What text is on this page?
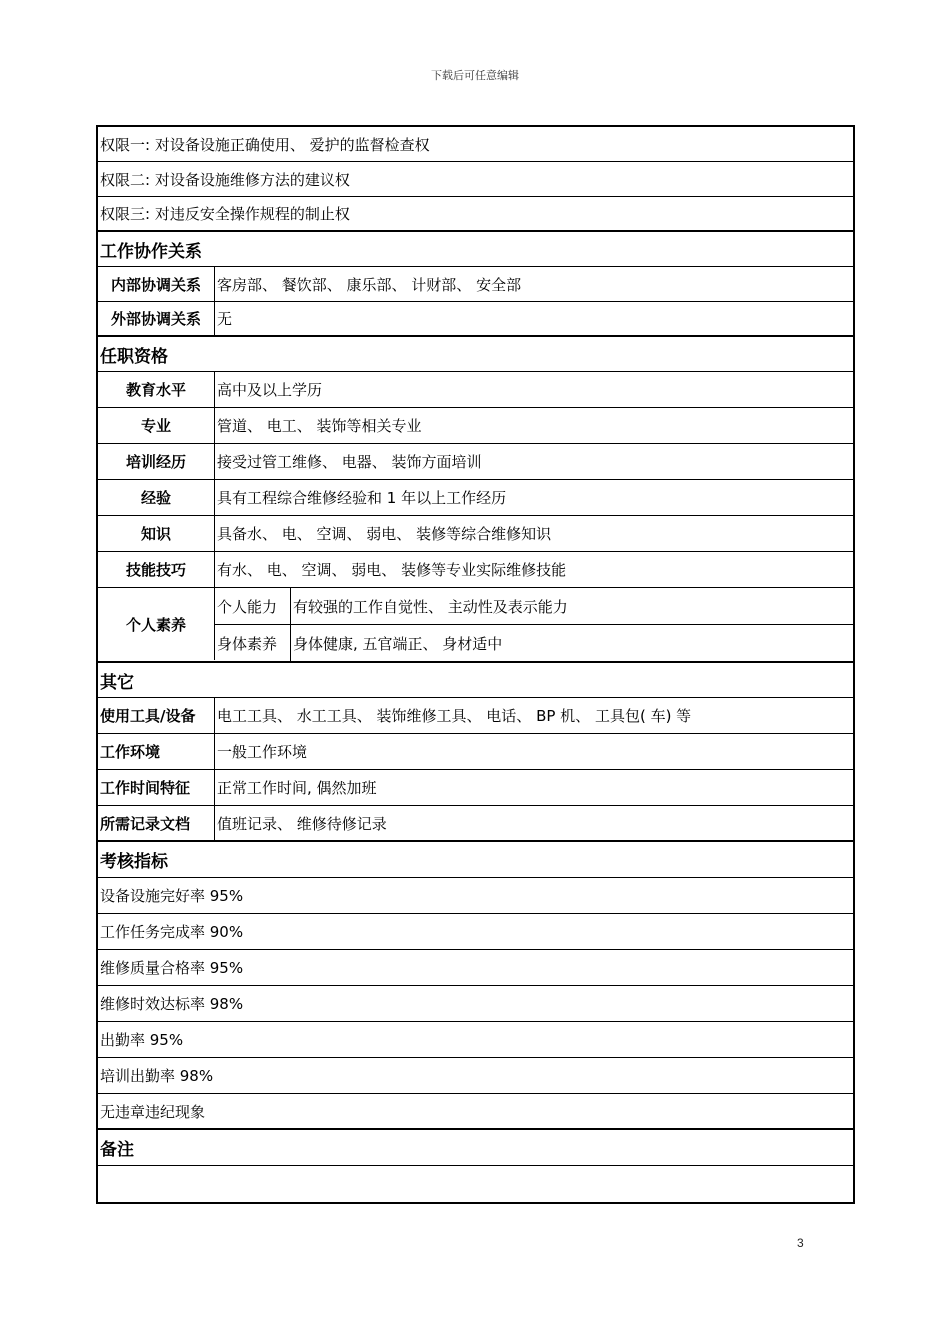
下载后可任意编辑
权限一: 对设备设施正确使用、 爱护的监督检查权
权限二: 对设备设施维修方法的建议权
权限三: 对违反安全操作规程的制止权
工作协作关系
内部协调关系	客房部、 餐饮部、 康乐部、 计财部、 安全部
外部协调关系	无
任职资格
教育水平	高中及以上学历
专业	管道、 电工、 装饰等相关专业
培训经历	接受过管工维修、 电器、 装饰方面培训
经验	具有工程综合维修经验和 1 年以上工作经历
知识	具备水、 电、 空调、 弱电、 装修等综合维修知识
技能技巧	有水、 电、 空调、 弱电、 装修等专业实际维修技能
个人素养
个人能力	有较强的工作自觉性、 主动性及表示能力
身体素养	身体健康, 五官端正、 身材适中
其它
使用工具/设备	电工工具、 水工工具、 装饰维修工具、 电话、 BP 机、 工具包( 车) 等
工作环境	一般工作环境
工作时间特征	正常工作时间, 偶然加班
所需记录文档	值班记录、 维修待修记录
考核指标
设备设施完好率 95%
工作任务完成率 90%
维修质量合格率 95%
维修时效达标率 98%
出勤率 95%
培训出勤率 98%
无违章违纪现象
备注
3
